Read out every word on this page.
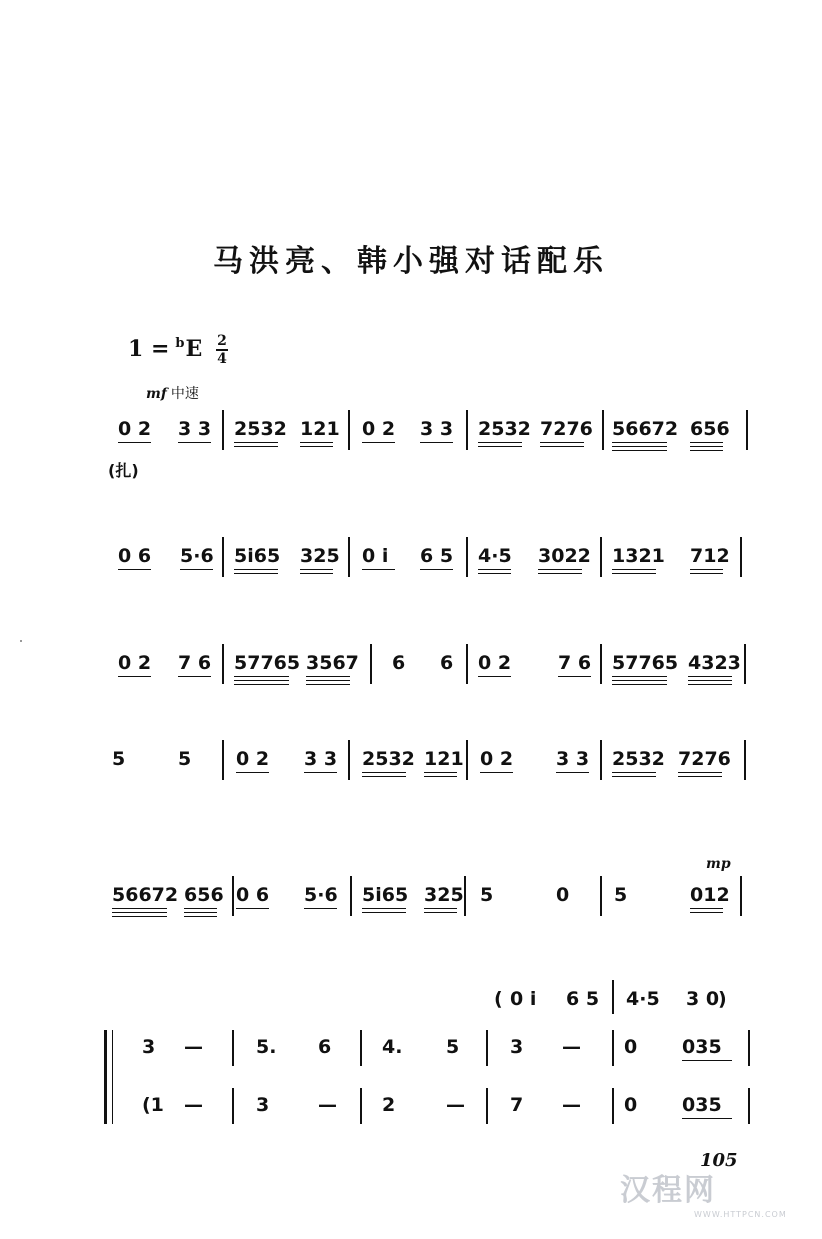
马洪亮、韩小强对话配乐
$1 = ^bE \frac{2}{4}$
mf 中速
(扎)
mp
0 2 3 3 2532 121 0 2 3 3 2532 7276 56672 656
0 6 5·6 5i65 325 0 i 6 5 4·5 3022 1321 712
0 2 7 6 57765 3567 6 6 0 2 7 6 57765 4323
5	5 0 2 3 3 2532 121 0 2 3 3 2532 7276
56672 656 0 6 5·6 5i65 325 5	0 5	012
( 0 i 6 5 4·5 3 0
)
3 —	5. 6	4. 5	3 — 0 035
(1 —	3	— 2	— 7 — 0 035
105
汉程网
WWW.HTTPCN.COM
